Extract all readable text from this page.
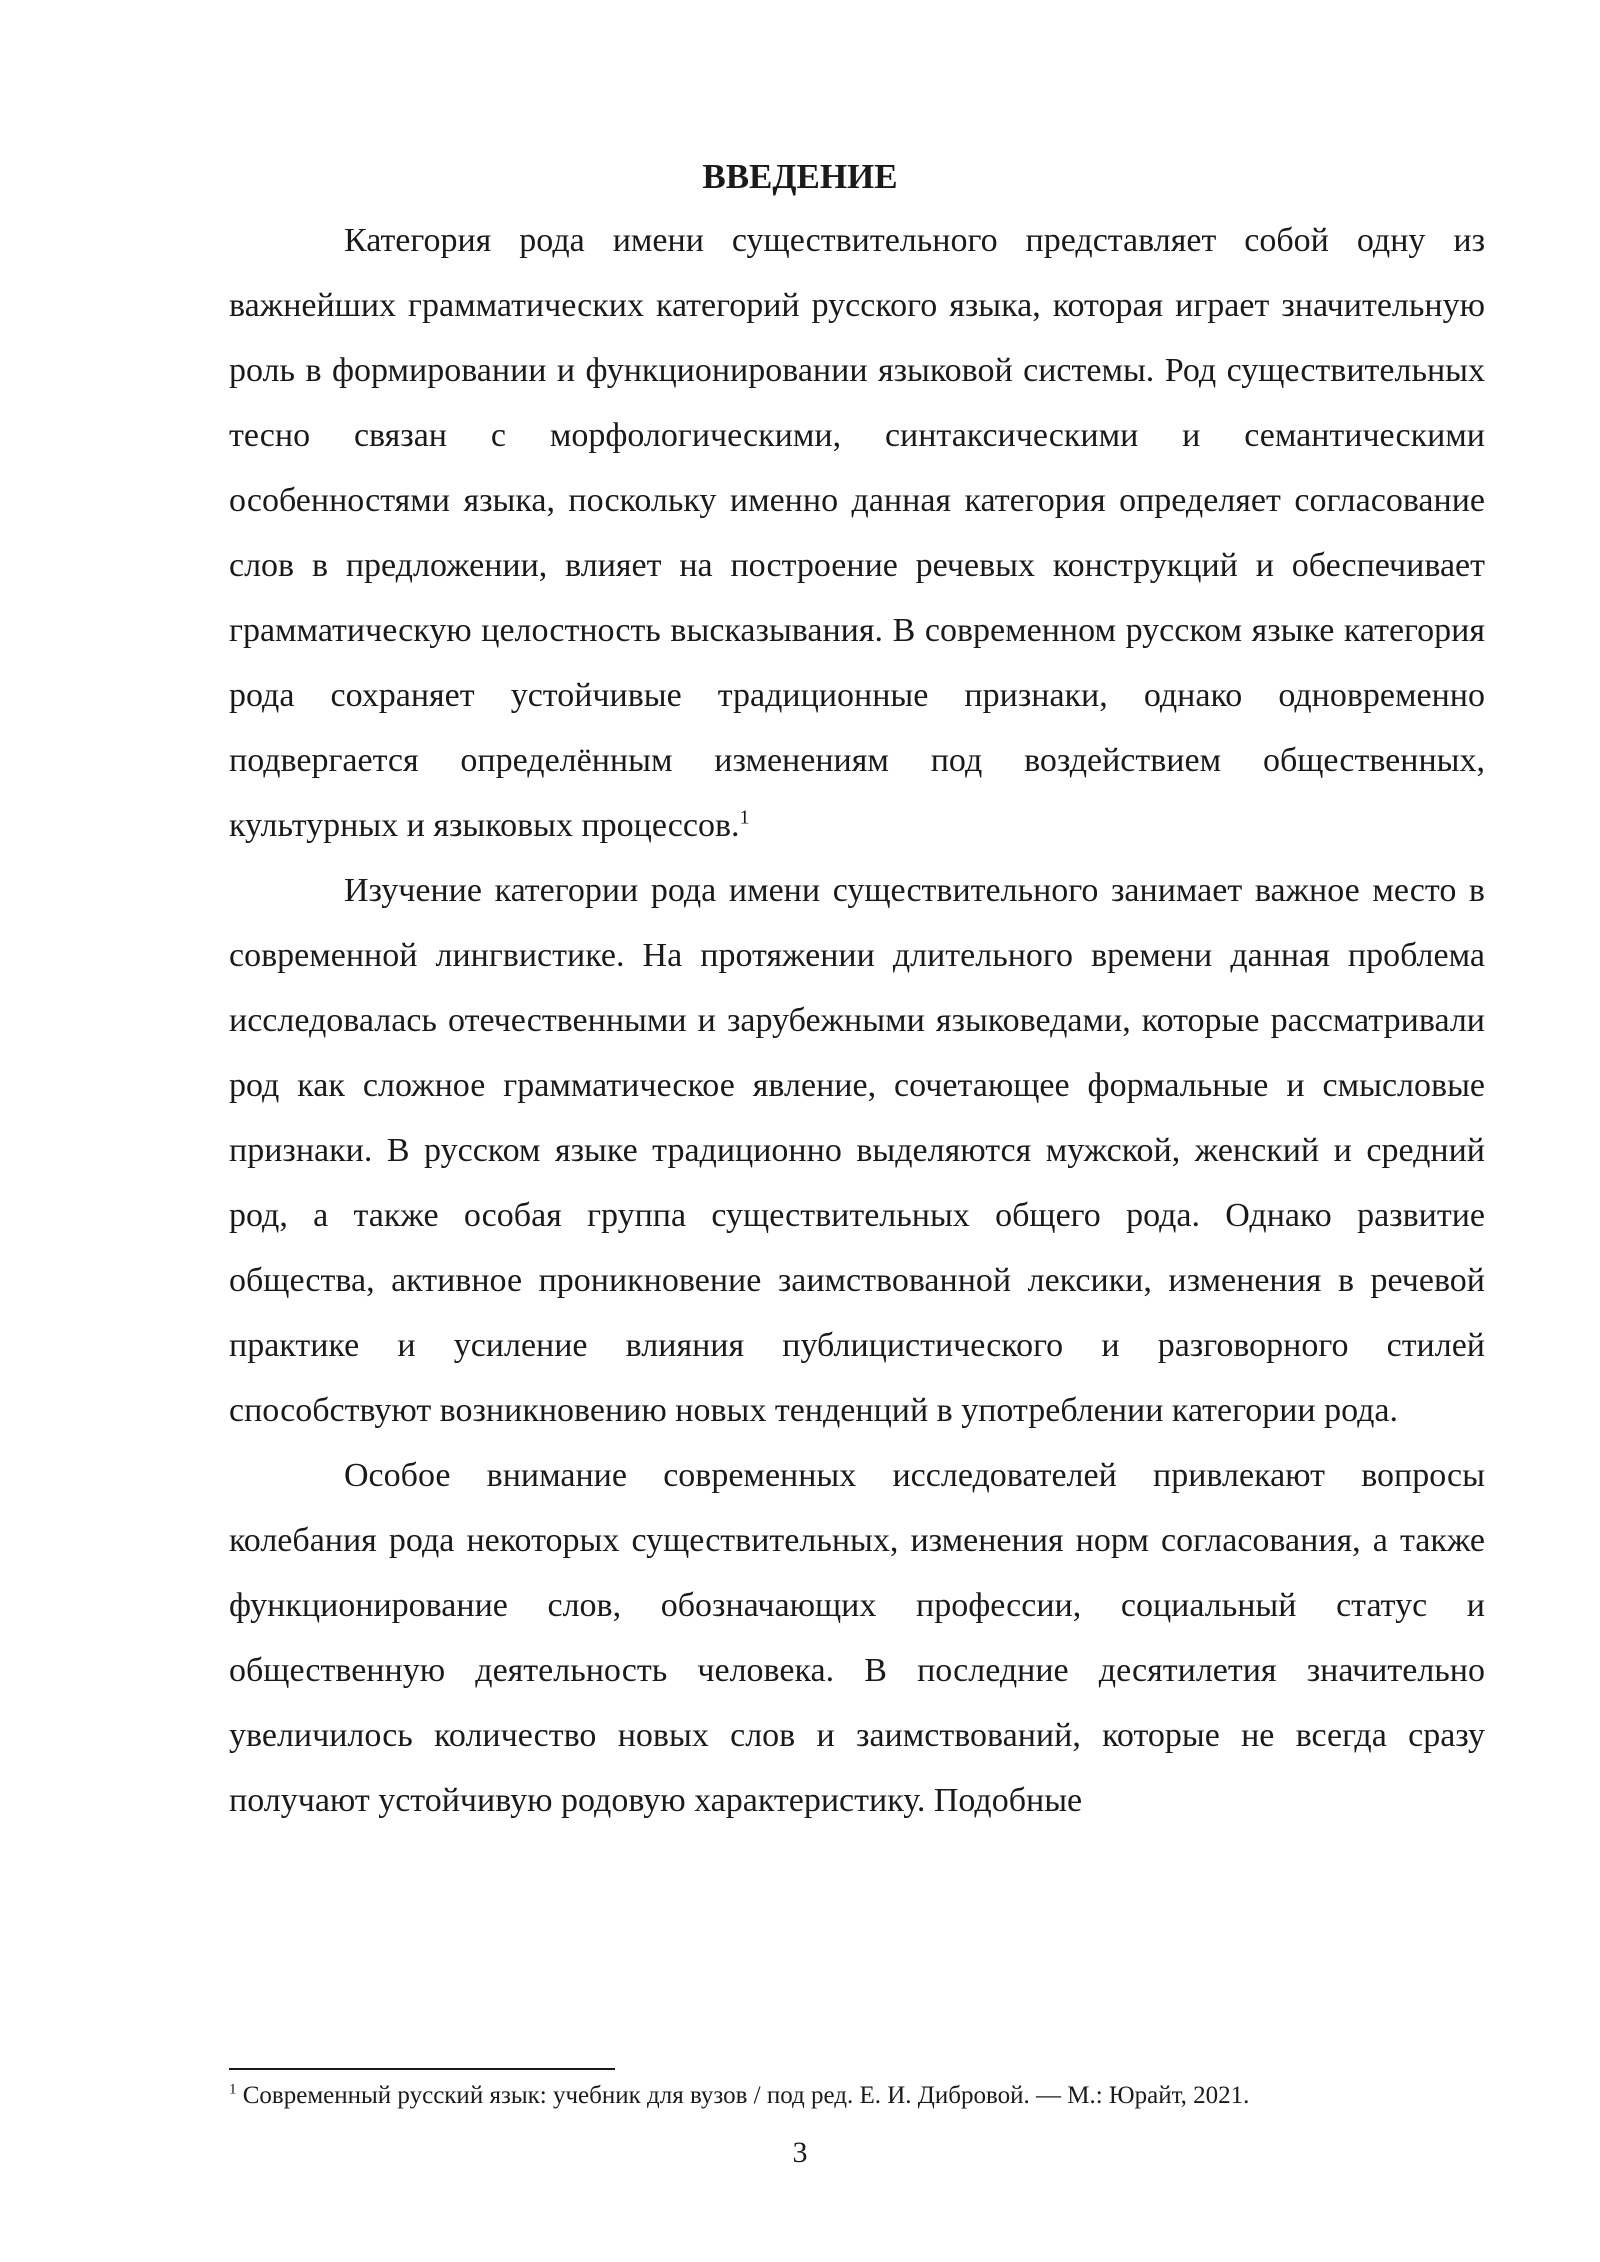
ВВЕДЕНИЕ

Категория рода имени существительного представляет собой одну из важнейших грамматических категорий русского языка, которая играет значительную роль в формировании и функционировании языковой системы. Род существительных тесно связан с морфологическими, синтаксическими и семантическими особенностями языка, поскольку именно данная категория определяет согласование слов в предложении, влияет на построение речевых конструкций и обеспечивает грамматическую целостность высказывания. В современном русском языке категория рода сохраняет устойчивые традиционные признаки, однако одновременно подвергается определённым изменениям под воздействием общественных, культурных и языковых процессов.$^1$

Изучение категории рода имени существительного занимает важное место в современной лингвистике. На протяжении длительного времени данная проблема исследовалась отечественными и зарубежными языковедами, которые рассматривали род как сложное грамматическое явление, сочетающее формальные и смысловые признаки. В русском языке традиционно выделяются мужской, женский и средний род, а также особая группа существительных общего рода. Однако развитие общества, активное проникновение заимствованной лексики, изменения в речевой практике и усиление влияния публицистического и разговорного стилей способствуют возникновению новых тенденций в употреблении категории рода.

Особое внимание современных исследователей привлекают вопросы колебания рода некоторых существительных, изменения норм согласования, а также функционирование слов, обозначающих профессии, социальный статус и общественную деятельность человека. В последние десятилетия значительно увеличилось количество новых слов и заимствований, которые не всегда сразу получают устойчивую родовую характеристику. Подобные

$^1$ Современный русский язык: учебник для вузов / под ред. Е. И. Дибровой. — М.: Юрайт, 2021.

3
